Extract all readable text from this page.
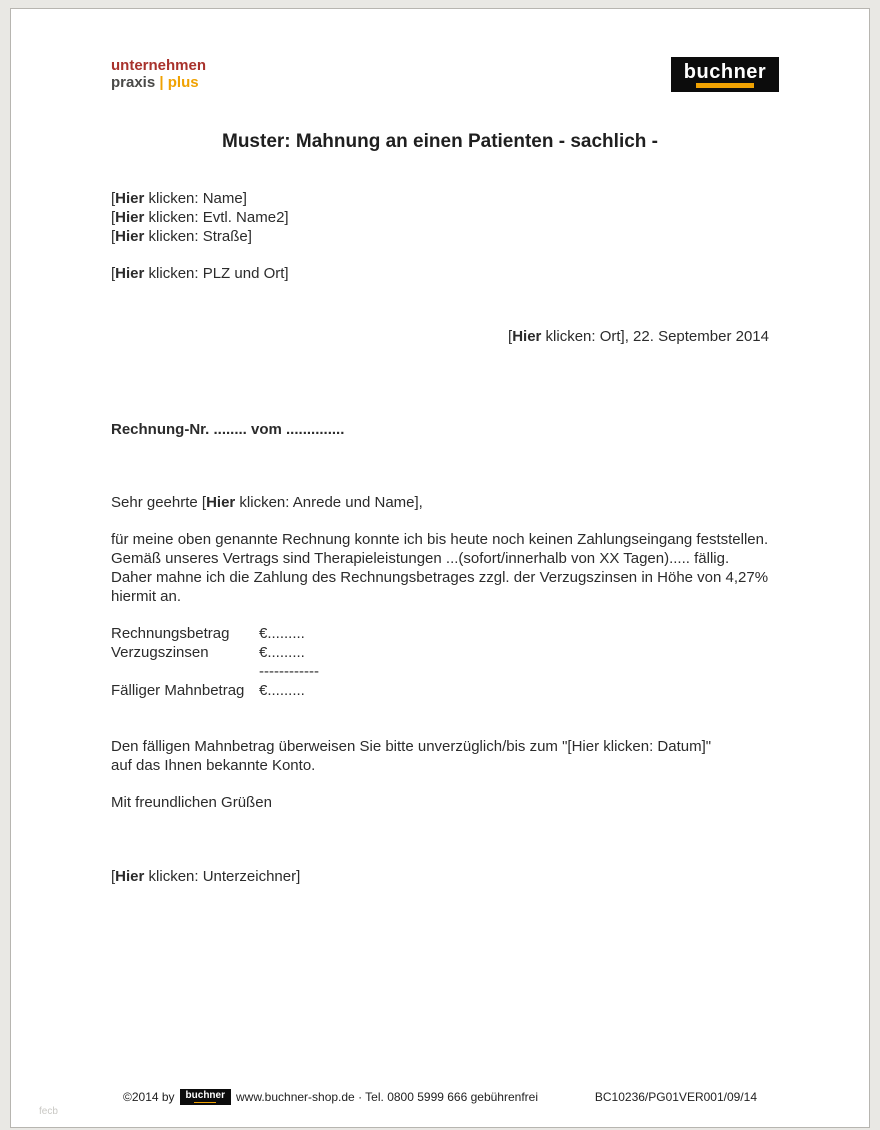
unternehmen
praxis | plus	buchner
Muster: Mahnung an einen Patienten - sachlich -

[Hier klicken: Name]

[Hier klicken: Evtl. Name2]

[Hier klicken: Straße]

[Hier klicken: PLZ und Ort]

[Hier klicken: Ort], 22. September 2014

Rechnung-Nr. ........ vom ..............

Sehr geehrte [Hier klicken: Anrede und Name],

für meine oben genannte Rechnung konnte ich bis heute noch keinen Zahlungseingang feststellen. Gemäß unseres Vertrags sind Therapieleistungen ...(sofort/innerhalb von XX Tagen)..... fällig. Daher mahne ich die Zahlung des Rechnungsbetrages zzgl. der Verzugszinsen in Höhe von 4,27% hiermit an.

Rechnungsbetrag	€.........
Verzugszinsen	€.........
------------
Fälliger Mahnbetrag €.........

Den fälligen Mahnbetrag überweisen Sie bitte unverzüglich/bis zum "[Hier klicken: Datum]" auf das Ihnen bekannte Konto.

Mit freundlichen Grüßen

[Hier klicken: Unterzeichner]

fecb
©2014 by buchner www.buchner-shop.de · Tel. 0800 5999 666 gebührenfrei	BC10236/PG01VER001/09/14
